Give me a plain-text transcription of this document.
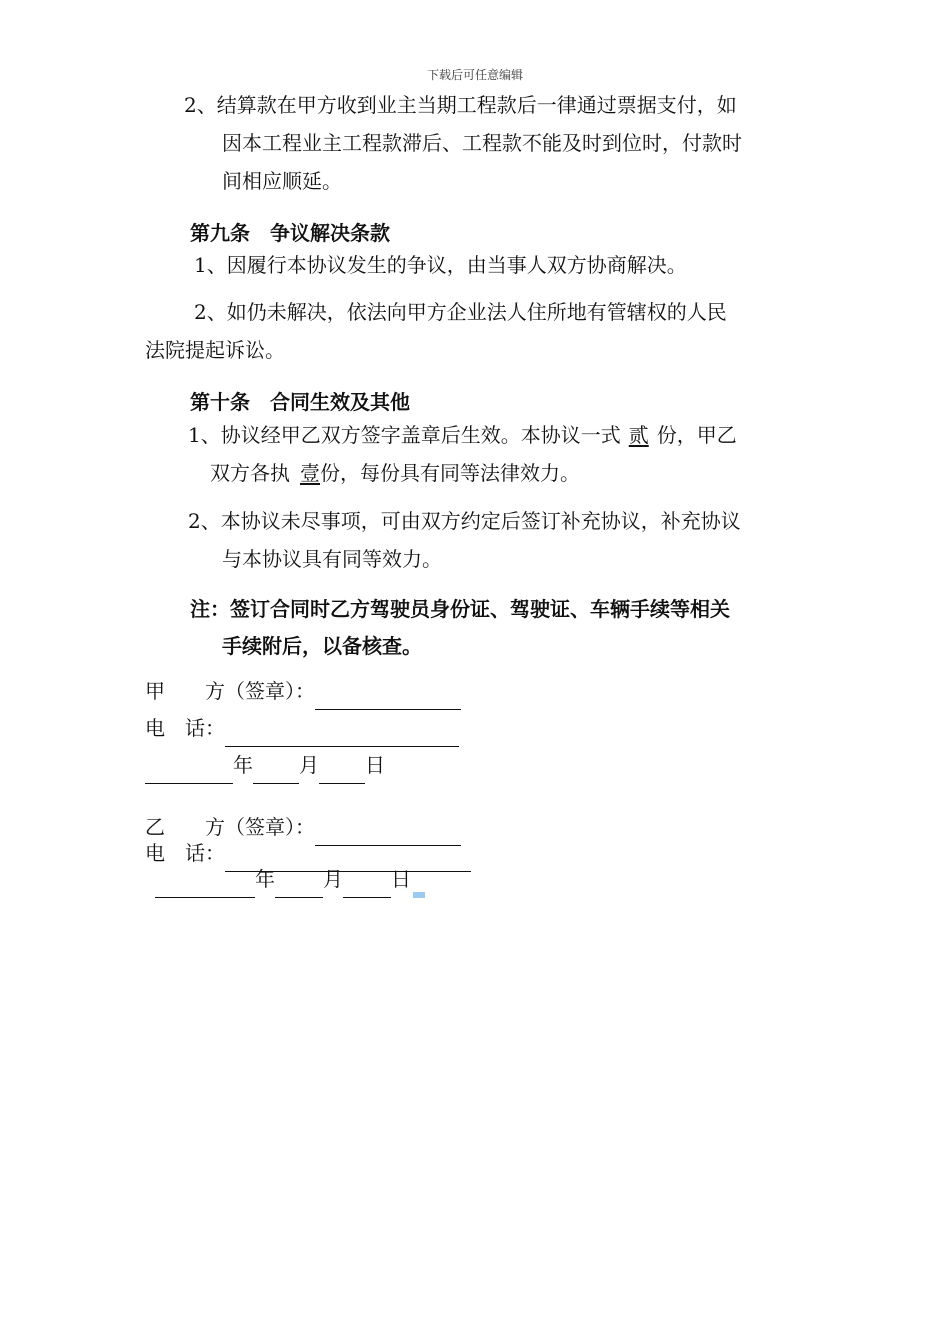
下载后可任意编辑
2、结算款在甲方收到业主当期工程款后一律通过票据支付，如
因本工程业主工程款滞后、工程款不能及时到位时，付款时
间相应顺延。
第九条　争议解决条款
1、因履行本协议发生的争议，由当事人双方协商解决。
2、如仍未解决，依法向甲方企业法人住所地有管辖权的人民
法院提起诉讼。
第十条　合同生效及其他
1、协议经甲乙双方签字盖章后生效。本协议一式 贰 份，甲乙
双方各执 壹份，每份具有同等法律效力。
2、本协议未尽事项，可由双方约定后签订补充协议，补充协议
与本协议具有同等效力。
注：签订合同时乙方驾驶员身份证、驾驶证、车辆手续等相关
手续附后，以备核查。
甲　　方（签章）：
电　话：
年 月 日
乙　　方（签章）：
电　话：
年 月 日
